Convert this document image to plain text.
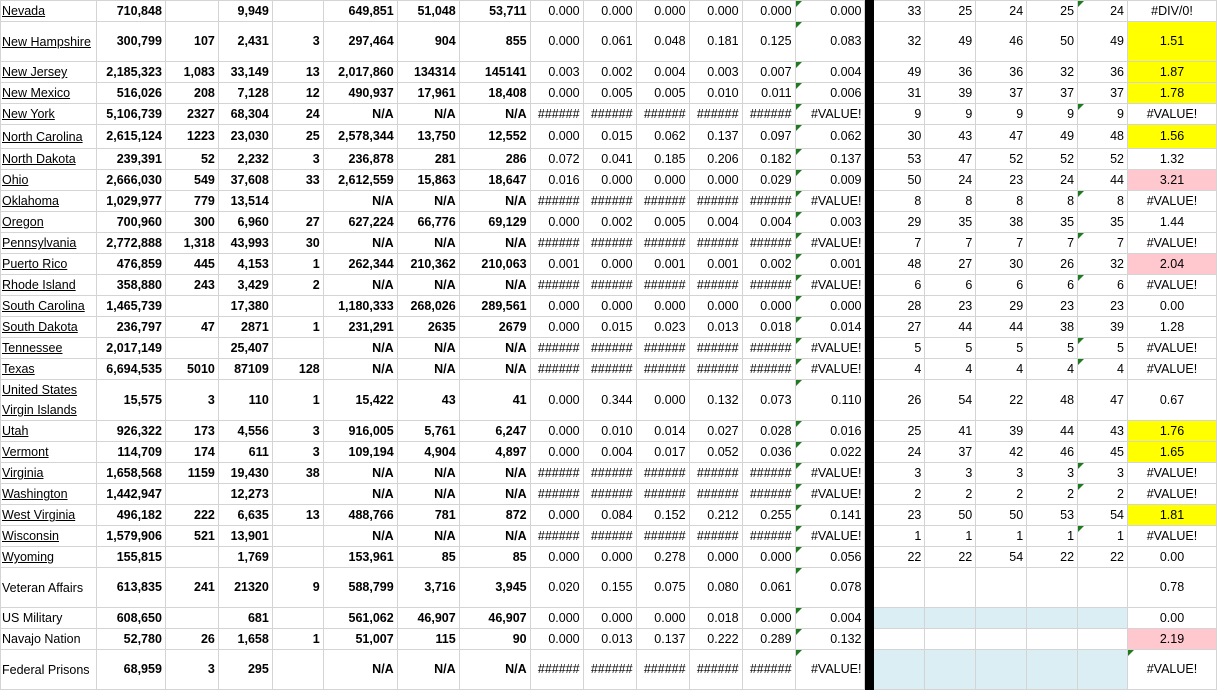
Nevada	710,848		9,949		649,851	51,048	53,711	0.000	0.000	0.000	0.000	0.000	0.000		33	25	24	25	24	#DIV/0!
New Hampshire	300,799	107	2,431	3	297,464	904	855	0.000	0.061	0.048	0.181	0.125	0.083		32	49	46	50	49	1.51
New Jersey	2,185,323	1,083	33,149	13	2,017,860	134314	145141	0.003	0.002	0.004	0.003	0.007	0.004		49	36	36	32	36	1.87
New Mexico	516,026	208	7,128	12	490,937	17,961	18,408	0.000	0.005	0.005	0.010	0.011	0.006		31	39	37	37	37	1.78
New York	5,106,739	2327	68,304	24	N/A	N/A	N/A	######	######	######	######	######	#VALUE!		9	9	9	9	9	#VALUE!
North Carolina	2,615,124	1223	23,030	25	2,578,344	13,750	12,552	0.000	0.015	0.062	0.137	0.097	0.062		30	43	47	49	48	1.56
North Dakota	239,391	52	2,232	3	236,878	281	286	0.072	0.041	0.185	0.206	0.182	0.137		53	47	52	52	52	1.32
Ohio	2,666,030	549	37,608	33	2,612,559	15,863	18,647	0.016	0.000	0.000	0.000	0.029	0.009		50	24	23	24	44	3.21
Oklahoma	1,029,977	779	13,514		N/A	N/A	N/A	######	######	######	######	######	#VALUE!		8	8	8	8	8	#VALUE!
Oregon	700,960	300	6,960	27	627,224	66,776	69,129	0.000	0.002	0.005	0.004	0.004	0.003		29	35	38	35	35	1.44
Pennsylvania	2,772,888	1,318	43,993	30	N/A	N/A	N/A	######	######	######	######	######	#VALUE!		7	7	7	7	7	#VALUE!
Puerto Rico	476,859	445	4,153	1	262,344	210,362	210,063	0.001	0.000	0.001	0.001	0.002	0.001		48	27	30	26	32	2.04
Rhode Island	358,880	243	3,429	2	N/A	N/A	N/A	######	######	######	######	######	#VALUE!		6	6	6	6	6	#VALUE!
South Carolina	1,465,739		17,380		1,180,333	268,026	289,561	0.000	0.000	0.000	0.000	0.000	0.000		28	23	29	23	23	0.00
South Dakota	236,797	47	2871	1	231,291	2635	2679	0.000	0.015	0.023	0.013	0.018	0.014		27	44	44	38	39	1.28
Tennessee	2,017,149		25,407		N/A	N/A	N/A	######	######	######	######	######	#VALUE!		5	5	5	5	5	#VALUE!
Texas	6,694,535	5010	87109	128	N/A	N/A	N/A	######	######	######	######	######	#VALUE!		4	4	4	4	4	#VALUE!
United States Virgin Islands	15,575	3	110	1	15,422	43	41	0.000	0.344	0.000	0.132	0.073	0.110		26	54	22	48	47	0.67
Utah	926,322	173	4,556	3	916,005	5,761	6,247	0.000	0.010	0.014	0.027	0.028	0.016		25	41	39	44	43	1.76
Vermont	114,709	174	611	3	109,194	4,904	4,897	0.000	0.004	0.017	0.052	0.036	0.022		24	37	42	46	45	1.65
Virginia	1,658,568	1159	19,430	38	N/A	N/A	N/A	######	######	######	######	######	#VALUE!		3	3	3	3	3	#VALUE!
Washington	1,442,947		12,273		N/A	N/A	N/A	######	######	######	######	######	#VALUE!		2	2	2	2	2	#VALUE!
West Virginia	496,182	222	6,635	13	488,766	781	872	0.000	0.084	0.152	0.212	0.255	0.141		23	50	50	53	54	1.81
Wisconsin	1,579,906	521	13,901		N/A	N/A	N/A	######	######	######	######	######	#VALUE!		1	1	1	1	1	#VALUE!
Wyoming	155,815		1,769		153,961	85	85	0.000	0.000	0.278	0.000	0.000	0.056		22	22	54	22	22	0.00
Veteran Affairs	613,835	241	21320	9	588,799	3,716	3,945	0.020	0.155	0.075	0.080	0.061	0.078							0.78
US Military	608,650		681		561,062	46,907	46,907	0.000	0.000	0.000	0.018	0.000	0.004							0.00
Navajo Nation	52,780	26	1,658	1	51,007	115	90	0.000	0.013	0.137	0.222	0.289	0.132							2.19
Federal Prisons	68,959	3	295		N/A	N/A	N/A	######	######	######	######	######	#VALUE!							#VALUE!
